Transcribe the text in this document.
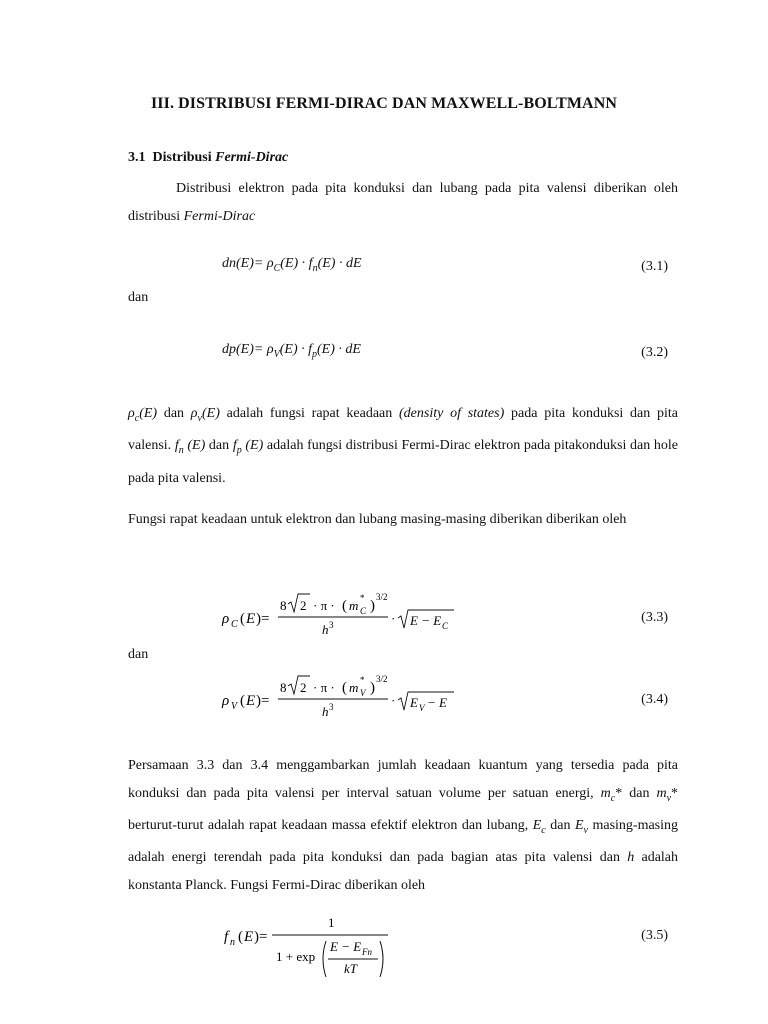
III. DISTRIBUSI FERMI-DIRAC DAN MAXWELL-BOLTMANN
3.1 Distribusi Fermi-Dirac
Distribusi elektron pada pita konduksi dan lubang pada pita valensi diberikan oleh distribusi Fermi-Dirac
$dn(E)= \rho_C(E) \cdot f_n(E)$ · dE	(3.1)
dan
$dp(E)= \rho_V(E) \cdot f_p(E)$ · dE	(3.2)
$\rho_c(E)$ dan $\rho_v(E)$ adalah fungsi rapat keadaan (density of states) pada pita konduksi dan pita valensi. $f_n$ (E) dan $f_p$ (E) adalah fungsi distribusi Fermi-Dirac elektron pada pitakonduksi dan hole pada pita valensi.
Fungsi rapat keadaan untuk elektron dan lubang masing-masing diberikan diberikan oleh
ρ C ( E )=
8 2 · π · ( m *
C )
3/2
h 3	· E − E C
(3.3)
dan
ρ V ( E )=
8 2 · π · ( m *
V )
3/2
h 3	· E V − E	(3.4)
Persamaan 3.3 dan 3.4 menggambarkan jumlah keadaan kuantum yang tersedia pada pita konduksi dan pada pita valensi per interval satuan volume per satuan energi, $m_c*$ dan $m_v*$ berturut-turut adalah rapat keadaan massa efektif elektron dan lubang, $E_c$ dan $E_v$ masing-masing adalah energi terendah pada pita konduksi dan pada bagian atas pita valensi dan h adalah konstanta Planck. Fungsi Fermi-Dirac diberikan oleh
f n ( E )=
1
1 + exp
E − E Fn
kT
(3.5)
